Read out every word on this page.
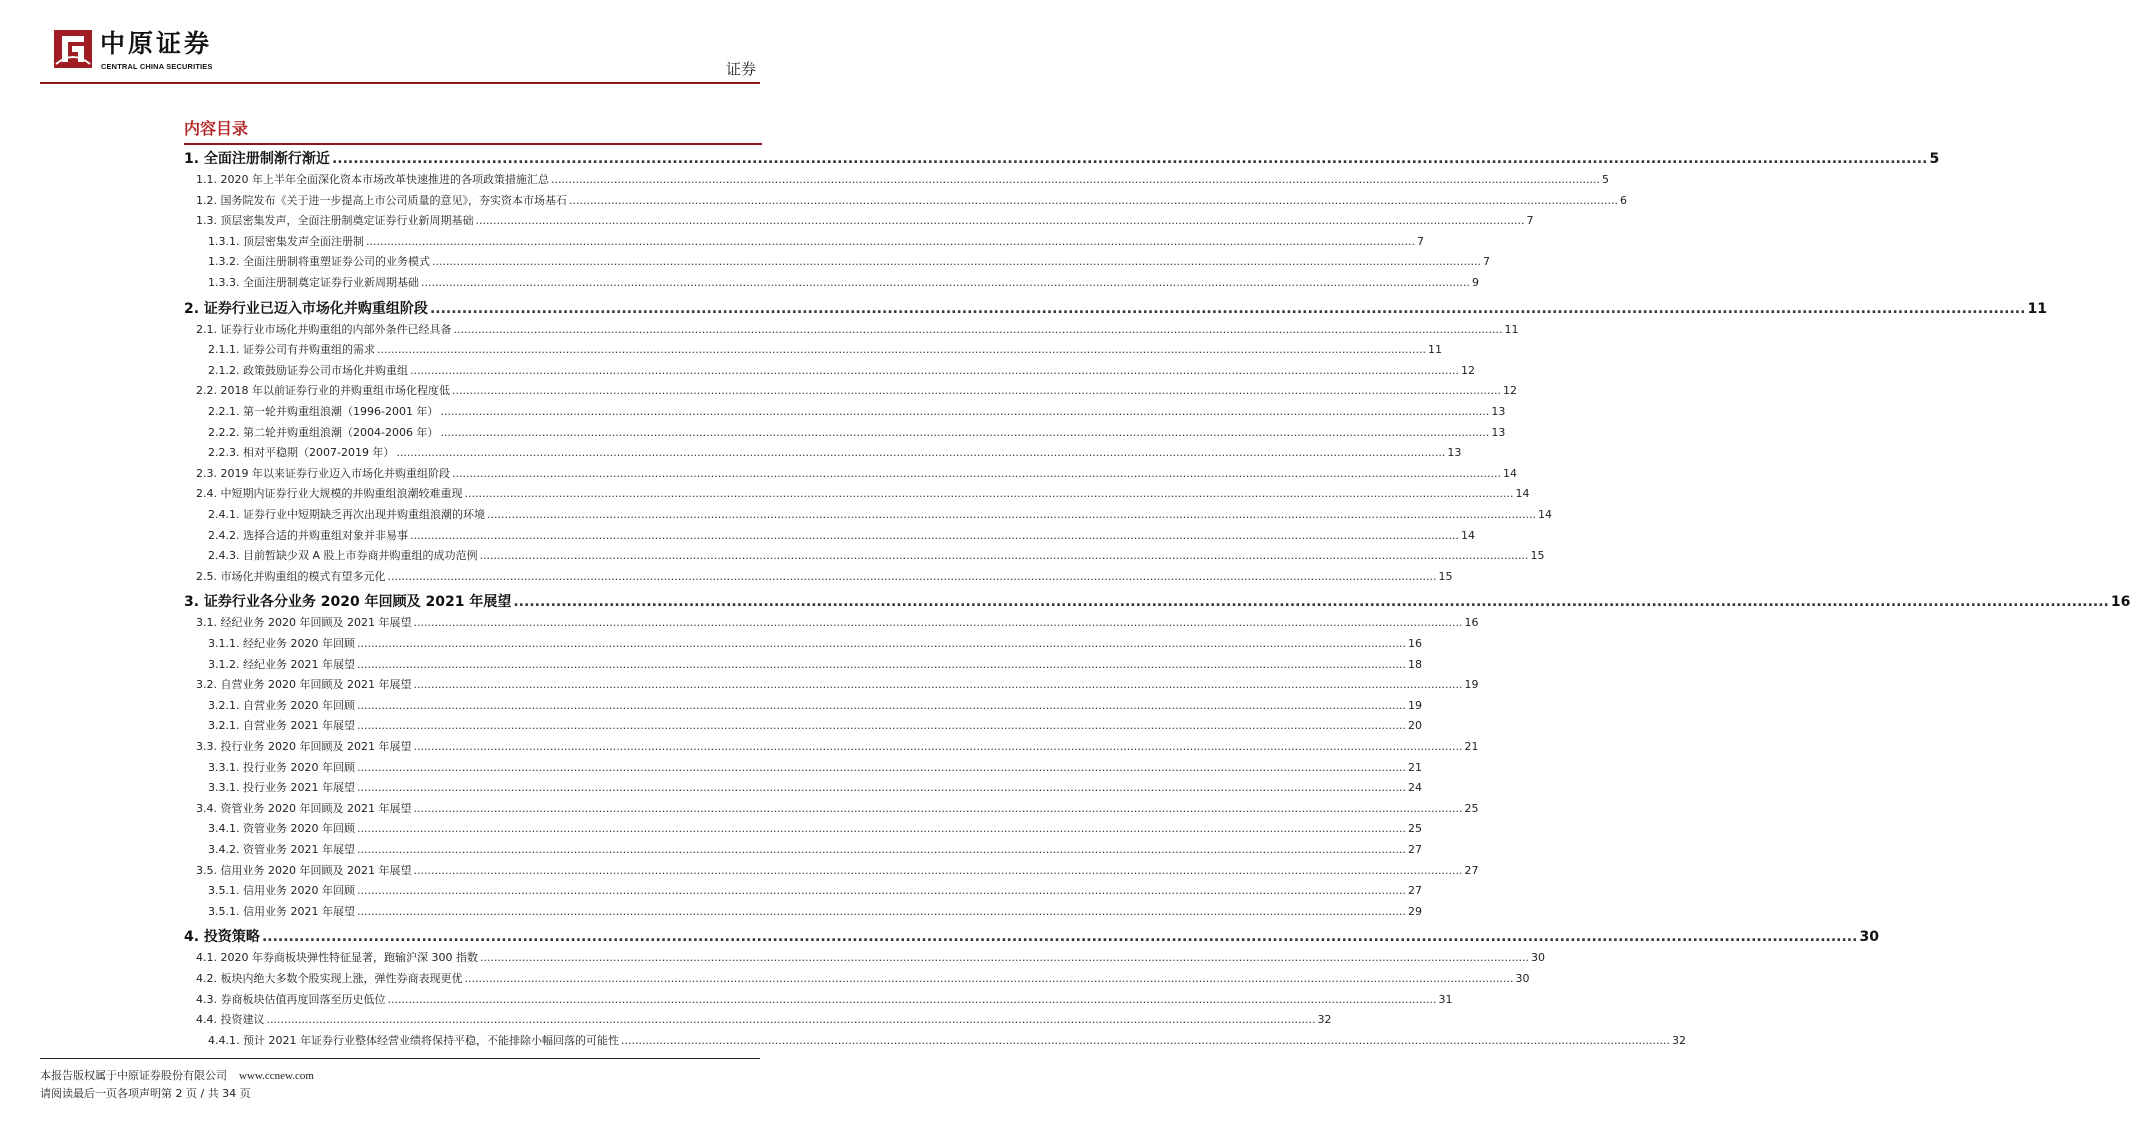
中原证券
CENTRAL CHINA SECURITIES	证券
内容目录
1. 全面注册制渐行渐近 ............................................................................................................................................................................................................................................................................................................ 5
1.1. 2020 年上半年全面深化资本市场改革快速推进的各项政策措施汇总 ............................................................................................................................................................................................................................................................................................................ 5
1.2. 国务院发布《关于进一步提高上市公司质量的意见》，夯实资本市场基石 ............................................................................................................................................................................................................................................................................................................ 6
1.3. 顶层密集发声，全面注册制奠定证券行业新周期基础 ............................................................................................................................................................................................................................................................................................................ 7
1.3.1. 顶层密集发声全面注册制 ............................................................................................................................................................................................................................................................................................................ 7
1.3.2. 全面注册制将重塑证券公司的业务模式 ............................................................................................................................................................................................................................................................................................................ 7
1.3.3. 全面注册制奠定证券行业新周期基础 ............................................................................................................................................................................................................................................................................................................ 9
2. 证券行业已迈入市场化并购重组阶段 ............................................................................................................................................................................................................................................................................................................ 11
2.1. 证券行业市场化并购重组的内部外条件已经具备 ............................................................................................................................................................................................................................................................................................................ 11
2.1.1. 证券公司有并购重组的需求 ............................................................................................................................................................................................................................................................................................................ 11
2.1.2. 政策鼓励证券公司市场化并购重组 ............................................................................................................................................................................................................................................................................................................ 12
2.2. 2018 年以前证券行业的并购重组市场化程度低 ............................................................................................................................................................................................................................................................................................................ 12
2.2.1. 第一轮并购重组浪潮（1996-2001 年） ............................................................................................................................................................................................................................................................................................................ 13
2.2.2. 第二轮并购重组浪潮（2004-2006 年） ............................................................................................................................................................................................................................................................................................................ 13
2.2.3. 相对平稳期（2007-2019 年） ............................................................................................................................................................................................................................................................................................................ 13
2.3. 2019 年以来证券行业迈入市场化并购重组阶段 ............................................................................................................................................................................................................................................................................................................ 14
2.4. 中短期内证券行业大规模的并购重组浪潮较难重现 ............................................................................................................................................................................................................................................................................................................ 14
2.4.1. 证券行业中短期缺乏再次出现并购重组浪潮的环境 ............................................................................................................................................................................................................................................................................................................ 14
2.4.2. 选择合适的并购重组对象并非易事 ............................................................................................................................................................................................................................................................................................................ 14
2.4.3. 目前暂缺少双 A 股上市券商并购重组的成功范例 ............................................................................................................................................................................................................................................................................................................ 15
2.5. 市场化并购重组的模式有望多元化 ............................................................................................................................................................................................................................................................................................................ 15
3. 证券行业各分业务 2020 年回顾及 2021 年展望 ............................................................................................................................................................................................................................................................................................................ 16
3.1. 经纪业务 2020 年回顾及 2021 年展望 ............................................................................................................................................................................................................................................................................................................ 16
3.1.1. 经纪业务 2020 年回顾 ............................................................................................................................................................................................................................................................................................................ 16
3.1.2. 经纪业务 2021 年展望 ............................................................................................................................................................................................................................................................................................................ 18
3.2. 自营业务 2020 年回顾及 2021 年展望 ............................................................................................................................................................................................................................................................................................................ 19
3.2.1. 自营业务 2020 年回顾 ............................................................................................................................................................................................................................................................................................................ 19
3.2.1. 自营业务 2021 年展望 ............................................................................................................................................................................................................................................................................................................ 20
3.3. 投行业务 2020 年回顾及 2021 年展望 ............................................................................................................................................................................................................................................................................................................ 21
3.3.1. 投行业务 2020 年回顾 ............................................................................................................................................................................................................................................................................................................ 21
3.3.1. 投行业务 2021 年展望 ............................................................................................................................................................................................................................................................................................................ 24
3.4. 资管业务 2020 年回顾及 2021 年展望 ............................................................................................................................................................................................................................................................................................................ 25
3.4.1. 资管业务 2020 年回顾 ............................................................................................................................................................................................................................................................................................................ 25
3.4.2. 资管业务 2021 年展望 ............................................................................................................................................................................................................................................................................................................ 27
3.5. 信用业务 2020 年回顾及 2021 年展望 ............................................................................................................................................................................................................................................................................................................ 27
3.5.1. 信用业务 2020 年回顾 ............................................................................................................................................................................................................................................................................................................ 27
3.5.1. 信用业务 2021 年展望 ............................................................................................................................................................................................................................................................................................................ 29
4. 投资策略 ............................................................................................................................................................................................................................................................................................................ 30
4.1. 2020 年券商板块弹性特征显著，跑输沪深 300 指数 ............................................................................................................................................................................................................................................................................................................ 30
4.2. 板块内绝大多数个股实现上涨，弹性券商表现更优 ............................................................................................................................................................................................................................................................................................................ 30
4.3. 券商板块估值再度回落至历史低位 ............................................................................................................................................................................................................................................................................................................ 31
4.4. 投资建议 ............................................................................................................................................................................................................................................................................................................ 32
4.4.1. 预计 2021 年证券行业整体经营业绩将保持平稳，不能排除小幅回落的可能性 ............................................................................................................................................................................................................................................................................................................ 32
本报告版权属于中原证券股份有限公司 www.ccnew.com
请阅读最后一页各项声明第 2 页 / 共 34 页
